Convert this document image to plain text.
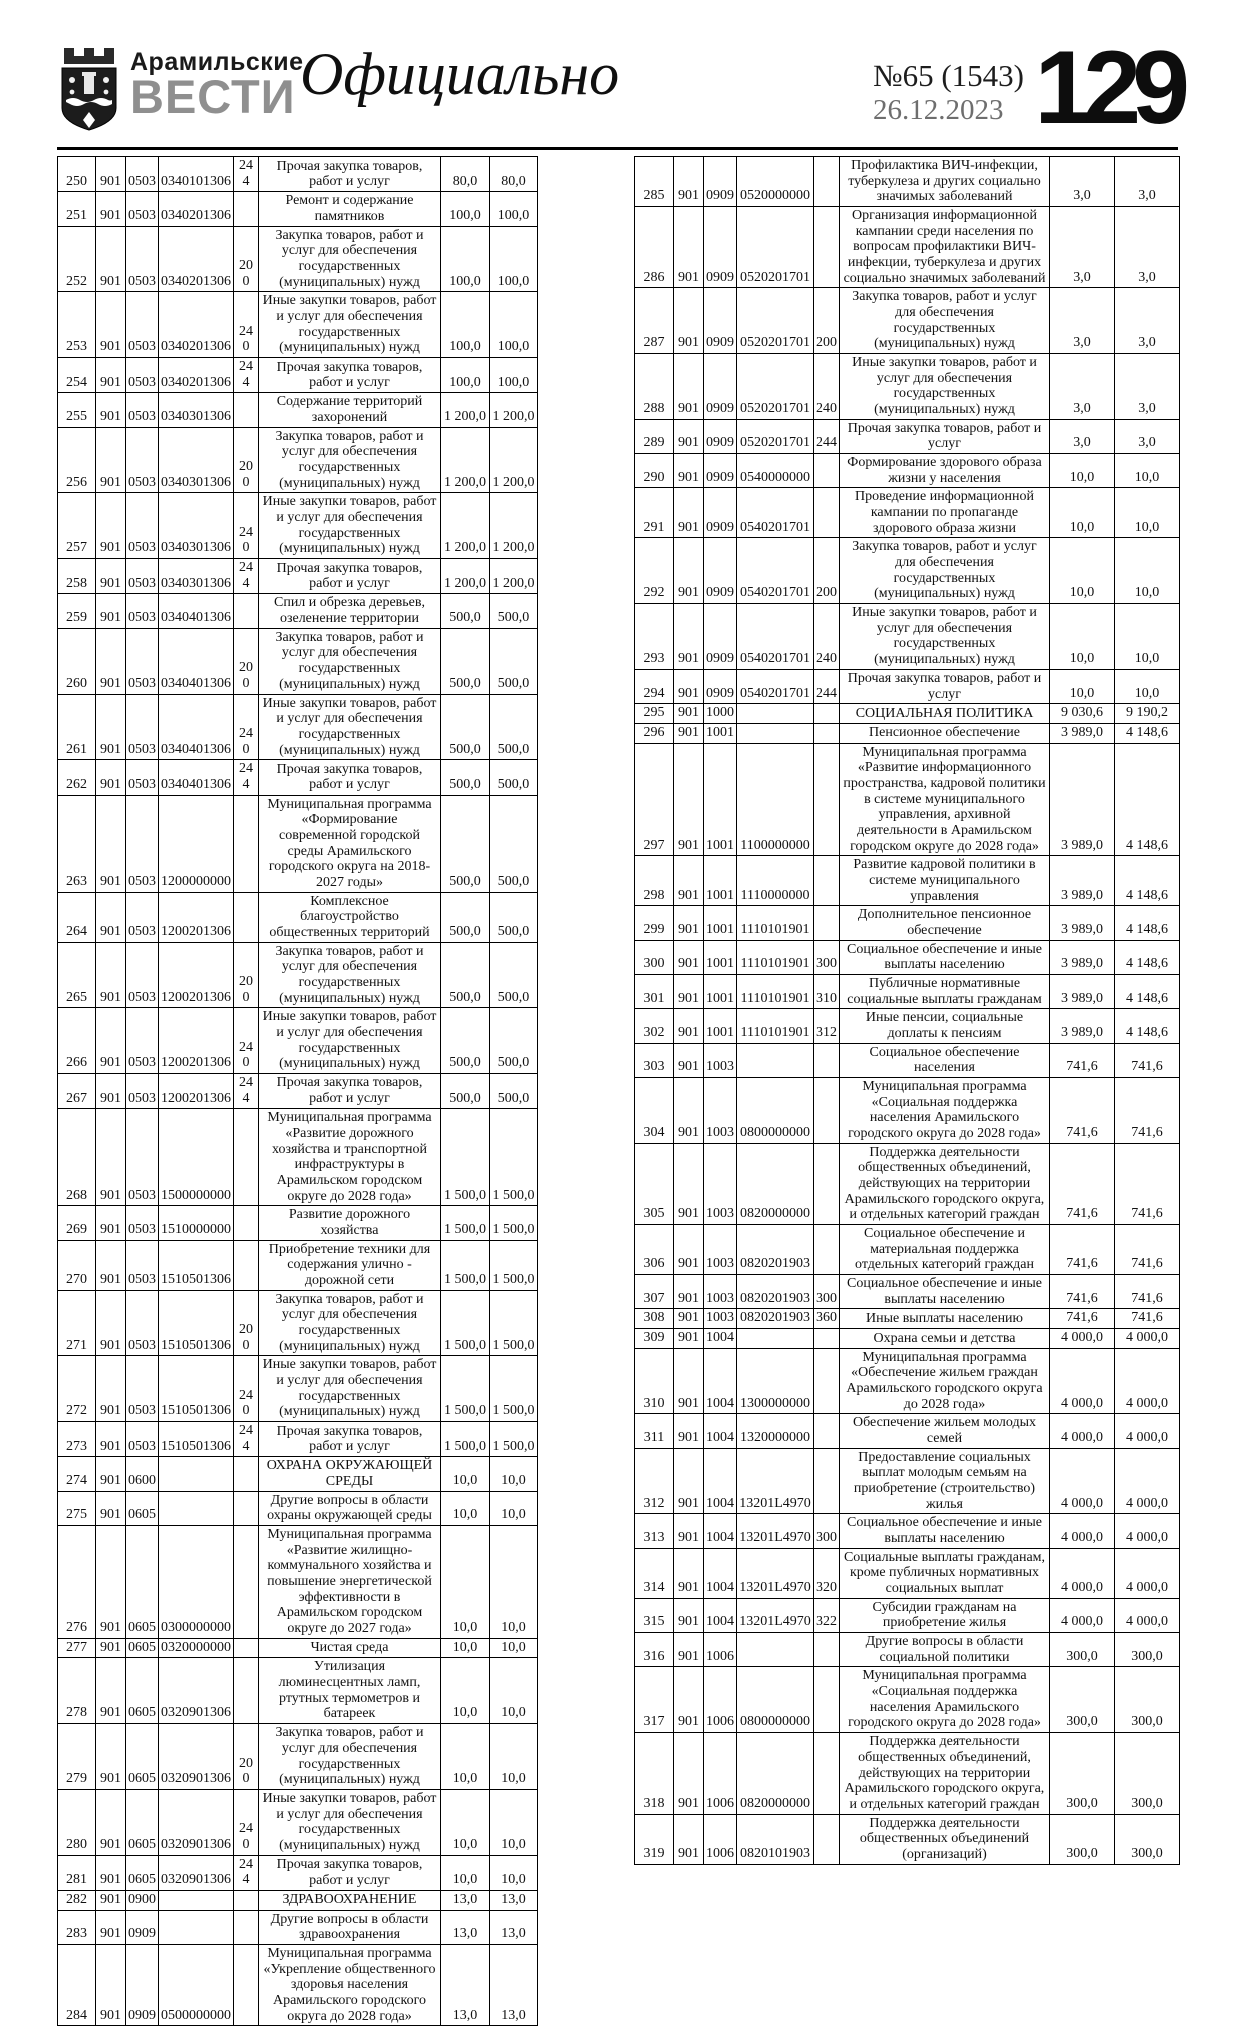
Арамильские
ВЕСТИ Официально	№65 (1543)
26.12.2023 129
250	901	0503	0340101306	244	Прочая закупка товаров, работ и услуг	80,0	80,0
251	901	0503	0340201306		Ремонт и содержание памятников	100,0	100,0
252	901	0503	0340201306	200	Закупка товаров, работ и услуг для обеспечения государственных (муниципальных) нужд	100,0	100,0
253	901	0503	0340201306	240	Иные закупки товаров, работ и услуг для обеспечения государственных (муниципальных) нужд	100,0	100,0
254	901	0503	0340201306	244	Прочая закупка товаров, работ и услуг	100,0	100,0
255	901	0503	0340301306		Содержание территорий захоронений	1 200,0	1 200,0
256	901	0503	0340301306	200	Закупка товаров, работ и услуг для обеспечения государственных (муниципальных) нужд	1 200,0	1 200,0
257	901	0503	0340301306	240	Иные закупки товаров, работ и услуг для обеспечения государственных (муниципальных) нужд	1 200,0	1 200,0
258	901	0503	0340301306	244	Прочая закупка товаров, работ и услуг	1 200,0	1 200,0
259	901	0503	0340401306		Спил и обрезка деревьев, озеленение территории	500,0	500,0
260	901	0503	0340401306	200	Закупка товаров, работ и услуг для обеспечения государственных (муниципальных) нужд	500,0	500,0
261	901	0503	0340401306	240	Иные закупки товаров, работ и услуг для обеспечения государственных (муниципальных) нужд	500,0	500,0
262	901	0503	0340401306	244	Прочая закупка товаров, работ и услуг	500,0	500,0
263	901	0503	1200000000		Муниципальная программа «Формирование современной городской среды Арамильского городского округа на 2018-2027 годы»	500,0	500,0
264	901	0503	1200201306		Комплексное благоустройство общественных территорий	500,0	500,0
265	901	0503	1200201306	200	Закупка товаров, работ и услуг для обеспечения государственных (муниципальных) нужд	500,0	500,0
266	901	0503	1200201306	240	Иные закупки товаров, работ и услуг для обеспечения государственных (муниципальных) нужд	500,0	500,0
267	901	0503	1200201306	244	Прочая закупка товаров, работ и услуг	500,0	500,0
268	901	0503	1500000000		Муниципальная программа «Развитие дорожного хозяйства и транспортной инфраструктуры в Арамильском городском округе до 2028 года»	1 500,0	1 500,0
269	901	0503	1510000000		Развитие дорожного хозяйства	1 500,0	1 500,0
270	901	0503	1510501306		Приобретение техники для содержания улично - дорожной сети	1 500,0	1 500,0
271	901	0503	1510501306	200	Закупка товаров, работ и услуг для обеспечения государственных (муниципальных) нужд	1 500,0	1 500,0
272	901	0503	1510501306	240	Иные закупки товаров, работ и услуг для обеспечения государственных (муниципальных) нужд	1 500,0	1 500,0
273	901	0503	1510501306	244	Прочая закупка товаров, работ и услуг	1 500,0	1 500,0
274	901	0600			ОХРАНА ОКРУЖАЮЩЕЙ СРЕДЫ	10,0	10,0
275	901	0605			Другие вопросы в области охраны окружающей среды	10,0	10,0
276	901	0605	0300000000		Муниципальная программа «Развитие жилищно-коммунального хозяйства и повышение энергетической эффективности в Арамильском городском округе до 2027 года»	10,0	10,0
277	901	0605	0320000000		Чистая среда	10,0	10,0
278	901	0605	0320901306		Утилизация люминесцентных ламп, ртутных термометров и батареек	10,0	10,0
279	901	0605	0320901306	200	Закупка товаров, работ и услуг для обеспечения государственных (муниципальных) нужд	10,0	10,0
280	901	0605	0320901306	240	Иные закупки товаров, работ и услуг для обеспечения государственных (муниципальных) нужд	10,0	10,0
281	901	0605	0320901306	244	Прочая закупка товаров, работ и услуг	10,0	10,0
282	901	0900			ЗДРАВООХРАНЕНИЕ	13,0	13,0
283	901	0909			Другие вопросы в области здравоохранения	13,0	13,0
284	901	0909	0500000000		Муниципальная программа «Укрепление общественного здоровья населения Арамильского городского округа до 2028 года»	13,0	13,0
285	901	0909	0520000000		Профилактика ВИЧ-инфекции, туберкулеза и других социально значимых заболеваний	3,0	3,0
286	901	0909	0520201701		Организация информационной кампании среди населения по вопросам профилактики ВИЧ-инфекции, туберкулеза и других социально значимых заболеваний	3,0	3,0
287	901	0909	0520201701	200	Закупка товаров, работ и услуг для обеспечения государственных (муниципальных) нужд	3,0	3,0
288	901	0909	0520201701	240	Иные закупки товаров, работ и услуг для обеспечения государственных (муниципальных) нужд	3,0	3,0
289	901	0909	0520201701	244	Прочая закупка товаров, работ и услуг	3,0	3,0
290	901	0909	0540000000		Формирование здорового образа жизни у населения	10,0	10,0
291	901	0909	0540201701		Проведение информационной кампании по пропаганде здорового образа жизни	10,0	10,0
292	901	0909	0540201701	200	Закупка товаров, работ и услуг для обеспечения государственных (муниципальных) нужд	10,0	10,0
293	901	0909	0540201701	240	Иные закупки товаров, работ и услуг для обеспечения государственных (муниципальных) нужд	10,0	10,0
294	901	0909	0540201701	244	Прочая закупка товаров, работ и услуг	10,0	10,0
295	901	1000			СОЦИАЛЬНАЯ ПОЛИТИКА	9 030,6	9 190,2
296	901	1001			Пенсионное обеспечение	3 989,0	4 148,6
297	901	1001	1100000000		Муниципальная программа «Развитие информационного пространства, кадровой политики в системе муниципального управления, архивной деятельности в Арамильском городском округе до 2028 года»	3 989,0	4 148,6
298	901	1001	1110000000		Развитие кадровой политики в системе муниципального управления	3 989,0	4 148,6
299	901	1001	1110101901		Дополнительное пенсионное обеспечение	3 989,0	4 148,6
300	901	1001	1110101901	300	Социальное обеспечение и иные выплаты населению	3 989,0	4 148,6
301	901	1001	1110101901	310	Публичные нормативные социальные выплаты гражданам	3 989,0	4 148,6
302	901	1001	1110101901	312	Иные пенсии, социальные доплаты к пенсиям	3 989,0	4 148,6
303	901	1003			Социальное обеспечение населения	741,6	741,6
304	901	1003	0800000000		Муниципальная программа «Социальная поддержка населения Арамильского городского округа до 2028 года»	741,6	741,6
305	901	1003	0820000000		Поддержка деятельности общественных объединений, действующих на территории Арамильского городского округа, и отдельных категорий граждан	741,6	741,6
306	901	1003	0820201903		Социальное обеспечение и материальная поддержка отдельных категорий граждан	741,6	741,6
307	901	1003	0820201903	300	Социальное обеспечение и иные выплаты населению	741,6	741,6
308	901	1003	0820201903	360	Иные выплаты населению	741,6	741,6
309	901	1004			Охрана семьи и детства	4 000,0	4 000,0
310	901	1004	1300000000		Муниципальная программа «Обеспечение жильем граждан Арамильского городского округа до 2028 года»	4 000,0	4 000,0
311	901	1004	1320000000		Обеспечение жильем молодых семей	4 000,0	4 000,0
312	901	1004	13201L4970		Предоставление социальных выплат молодым семьям на приобретение (строительство) жилья	4 000,0	4 000,0
313	901	1004	13201L4970	300	Социальное обеспечение и иные выплаты населению	4 000,0	4 000,0
314	901	1004	13201L4970	320	Социальные выплаты гражданам, кроме публичных нормативных социальных выплат	4 000,0	4 000,0
315	901	1004	13201L4970	322	Субсидии гражданам на приобретение жилья	4 000,0	4 000,0
316	901	1006			Другие вопросы в области социальной политики	300,0	300,0
317	901	1006	0800000000		Муниципальная программа «Социальная поддержка населения Арамильского городского округа до 2028 года»	300,0	300,0
318	901	1006	0820000000		Поддержка деятельности общественных объединений, действующих на территории Арамильского городского округа, и отдельных категорий граждан	300,0	300,0
319	901	1006	0820101903		Поддержка деятельности общественных объединений (организаций)	300,0	300,0
